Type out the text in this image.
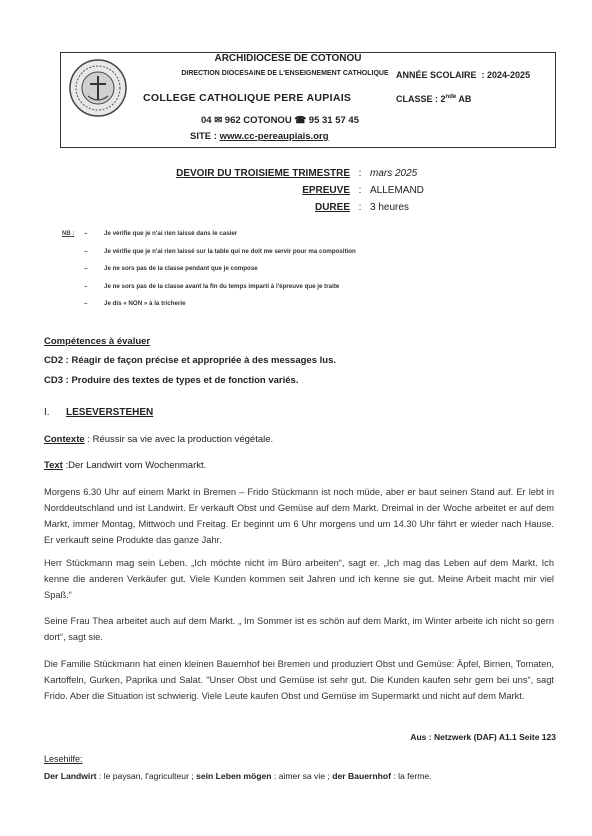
ARCHIDIOCESE DE COTONOU
DIRECTION DIOCESAINE DE L'ENSEIGNEMENT CATHOLIQUE
COLLEGE CATHOLIQUE PERE AUPIAIS
04 ✉ 962 COTONOU ☎ 95 31 57 45
SITE : www.cc-pereaupiais.org
ANNÉE SCOLAIRE : 2024-2025
CLASSE : 2nde AB
DEVOIR DU TROISIEME TRIMESTRE : mars 2025
EPREUVE : ALLEMAND
DUREE : 3 heures
NB : –	Je vérifie que je n'ai rien laissé dans le casier
–	Je vérifie que je n'ai rien laissé sur la table qui ne doit me servir pour ma composition
–	Je ne sors pas de la classe pendant que je compose
–	Je ne sors pas de la classe avant la fin du temps imparti à l'épreuve que je traite
–	Je dis « NON » à la tricherie
Compétences à évaluer
CD2 : Réagir de façon précise et appropriée à des messages lus.
CD3 : Produire des textes de types et de fonction variés.
I. LESEVERSTEHEN
Contexte : Réussir sa vie avec la production végétale.
Text :Der Landwirt vom Wochenmarkt.
Morgens 6.30 Uhr auf einem Markt in Bremen – Frido Stückmann ist noch müde, aber er baut seinen Stand auf. Er lebt in Norddeutschland und ist Landwirt. Er verkauft Obst und Gemüse auf dem Markt. Dreimal in der Woche arbeitet er auf dem Markt, immer Montag, Mittwoch und Freitag. Er beginnt um 6 Uhr morgens und um 14.30 Uhr fährt er wieder nach Hause. Er verkauft seine Produkte das ganze Jahr.
Herr Stückmann mag sein Leben. „Ich möchte nicht im Büro arbeiten“, sagt er. „Ich mag das Leben auf dem Markt. Ich kenne die anderen Verkäufer gut. Viele Kunden kommen seit Jahren und ich kenne sie gut. Meine Arbeit macht mir viel Spaß.“
Seine Frau Thea arbeitet auch auf dem Markt. „ Im Sommer ist es schön auf dem Markt, im Winter arbeite ich nicht so gern dort“, sagt sie.
Die Familie Stückmann hat einen kleinen Bauernhof bei Bremen und produziert Obst und Gemüse: Äpfel, Birnen, Tomaten, Kartoffeln, Gurken, Paprika und Salat. "Unser Obst und Gemüse ist sehr gut. Die Kunden kaufen sehr gern bei uns“, sagt Frido. Aber die Situation ist schwierig. Viele Leute kaufen Obst und Gemüse im Supermarkt und nicht auf dem Markt.
Aus : Netzwerk (DAF) A1.1 Seite 123
Lesehilfe:
Der Landwirt : le paysan, l'agriculteur ; sein Leben mögen : aimer sa vie ; der Bauernhof : la ferme.
